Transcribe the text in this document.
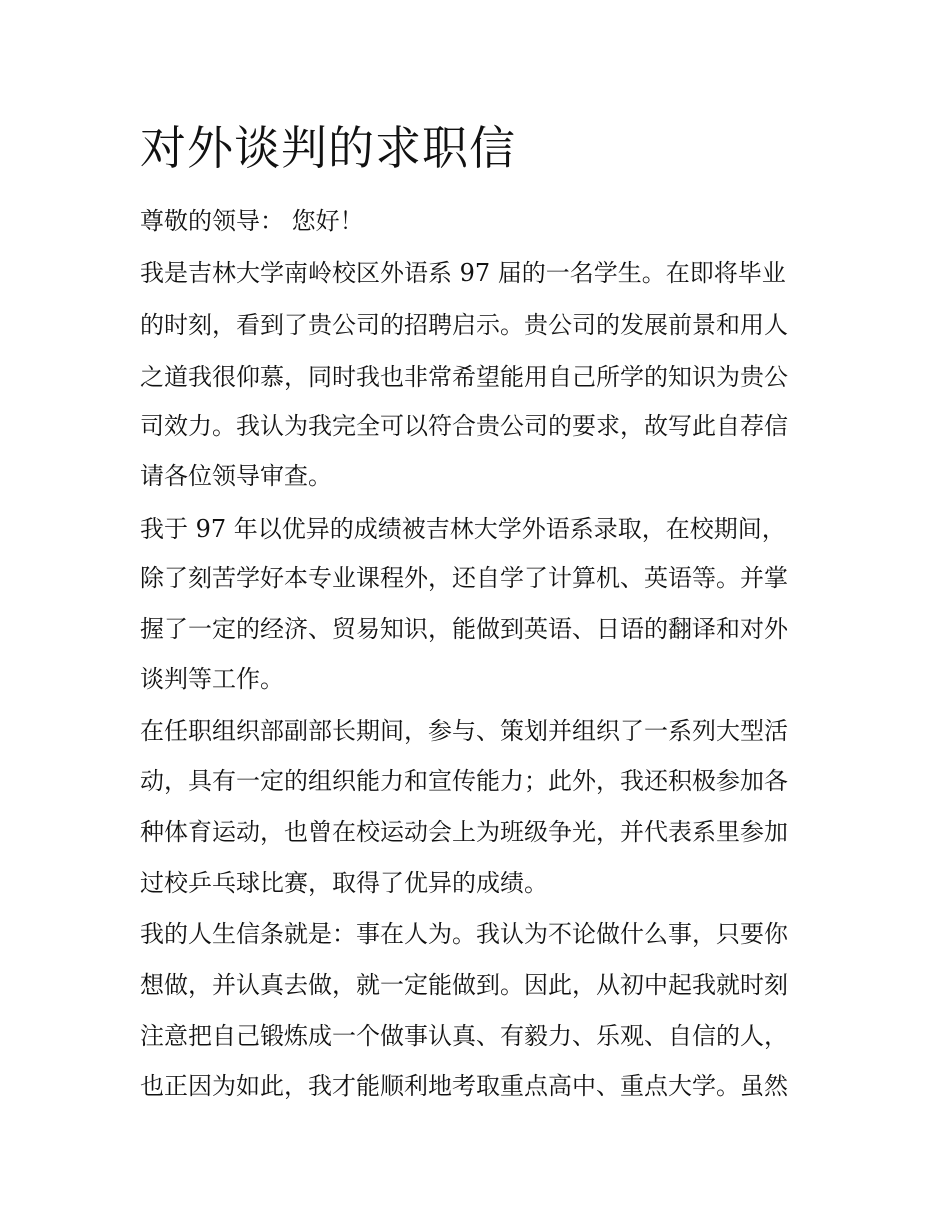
对外谈判的求职信

尊敬的领导： 您好！

我是吉林大学南岭校区外语系 97 届的一名学生。在即将毕业

的时刻，看到了贵公司的招聘启示。贵公司的发展前景和用人

之道我很仰慕，同时我也非常希望能用自己所学的知识为贵公

司效力。我认为我完全可以符合贵公司的要求，故写此自荐信

请各位领导审查。

我于 97 年以优异的成绩被吉林大学外语系录取，在校期间，

除了刻苦学好本专业课程外，还自学了计算机、英语等。并掌

握了一定的经济、贸易知识，能做到英语、日语的翻译和对外

谈判等工作。

在任职组织部副部长期间，参与、策划并组织了一系列大型活

动，具有一定的组织能力和宣传能力；此外，我还积极参加各

种体育运动，也曾在校运动会上为班级争光，并代表系里参加

过校乒乓球比赛，取得了优异的成绩。

我的人生信条就是：事在人为。我认为不论做什么事，只要你

想做，并认真去做，就一定能做到。因此，从初中起我就时刻

注意把自己锻炼成一个做事认真、有毅力、乐观、自信的人，

也正因为如此，我才能顺利地考取重点高中、重点大学。虽然
